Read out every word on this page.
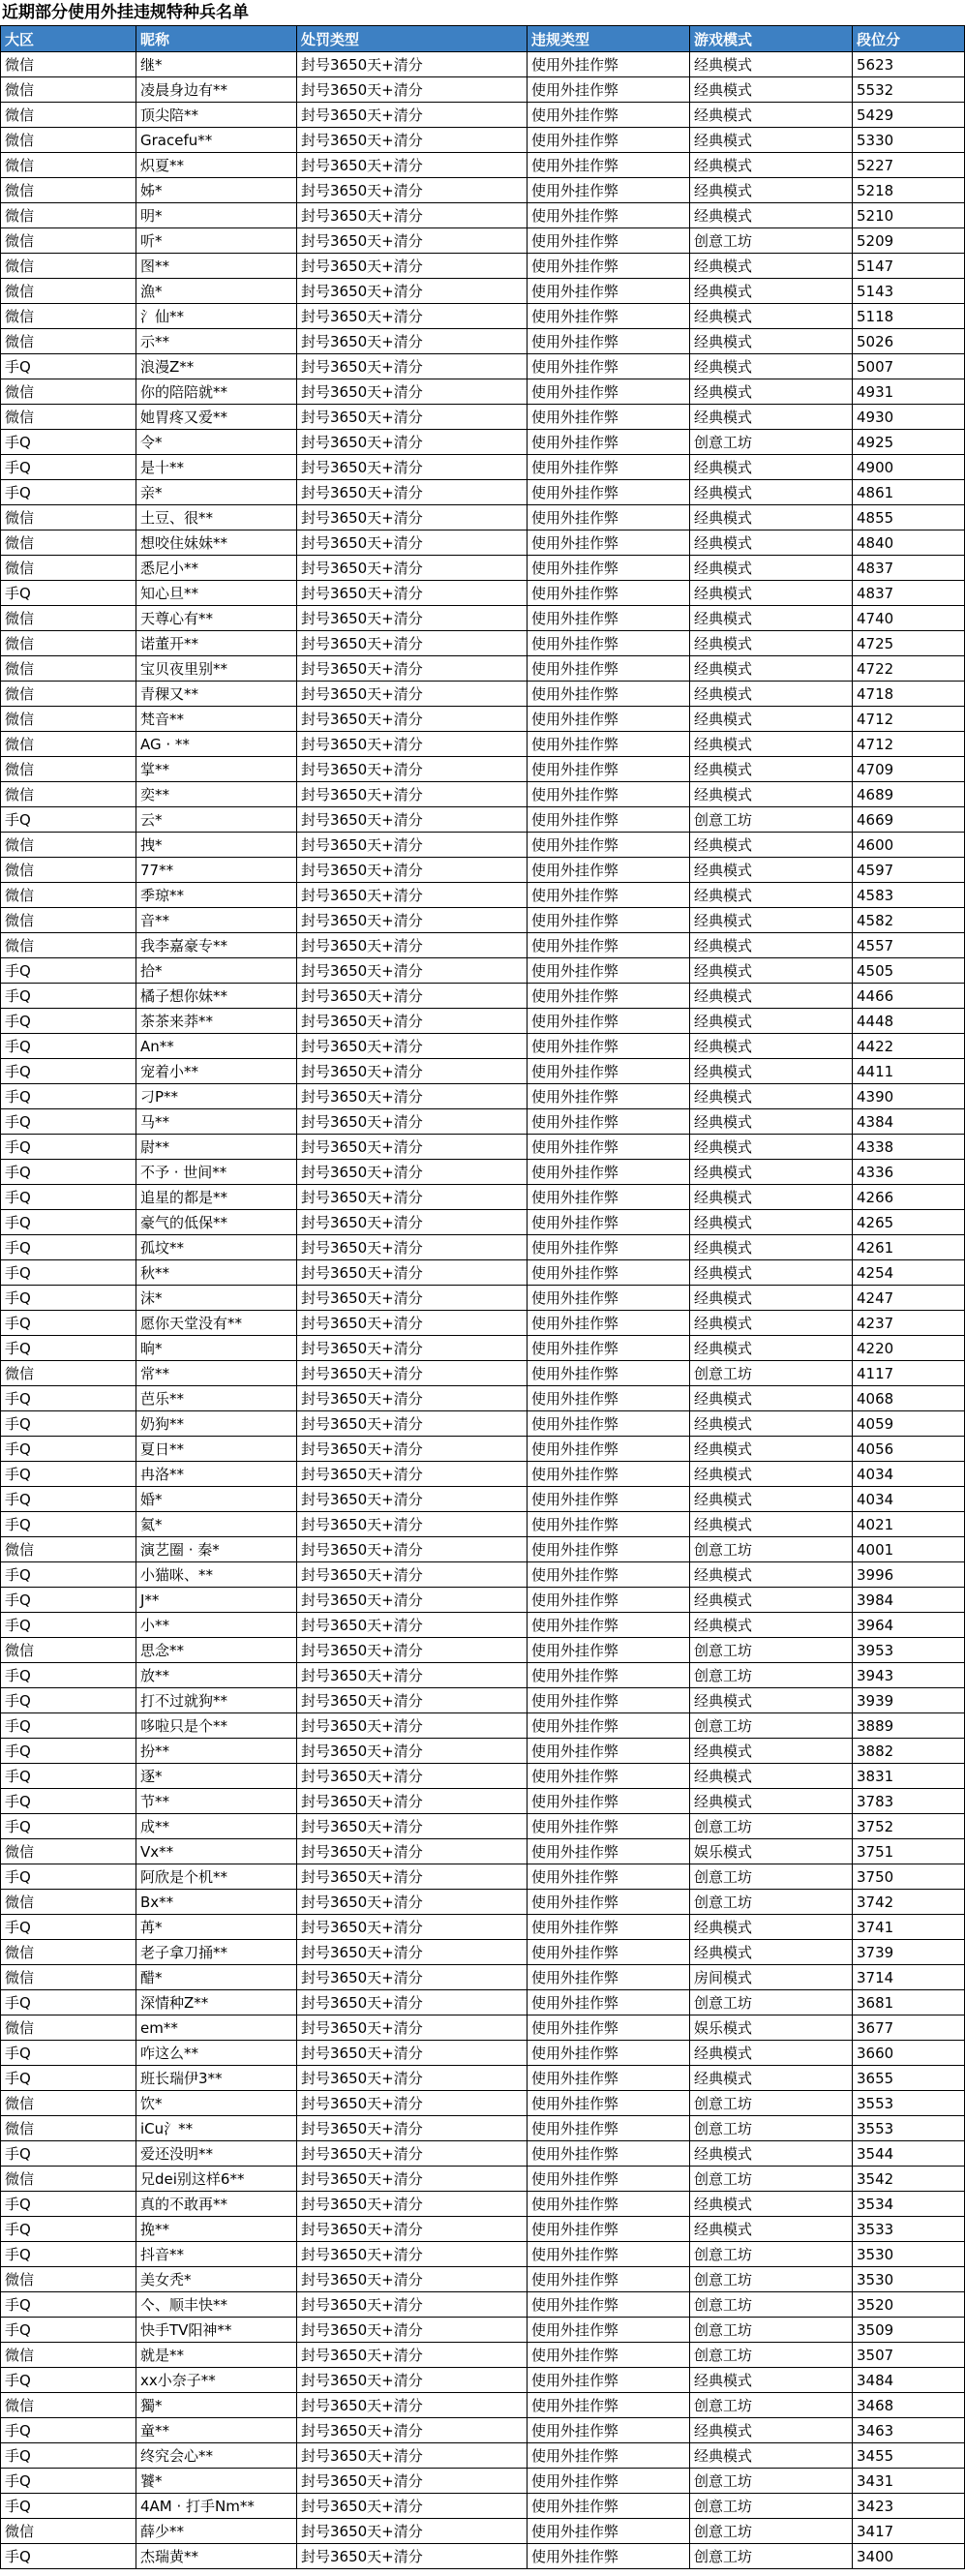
近期部分使用外挂违规特种兵名单
大区	昵称	处罚类型	违规类型	游戏模式	段位分
微信	继*	封号3650天+清分	使用外挂作弊	经典模式	5623
微信	凌晨身边有**	封号3650天+清分	使用外挂作弊	经典模式	5532
微信	顶尖陪**	封号3650天+清分	使用外挂作弊	经典模式	5429
微信	Gracefu**	封号3650天+清分	使用外挂作弊	经典模式	5330
微信	炽夏**	封号3650天+清分	使用外挂作弊	经典模式	5227
微信	姊*	封号3650天+清分	使用外挂作弊	经典模式	5218
微信	明*	封号3650天+清分	使用外挂作弊	经典模式	5210
微信	听*	封号3650天+清分	使用外挂作弊	创意工坊	5209
微信	图**	封号3650天+清分	使用外挂作弊	经典模式	5147
微信	漁*	封号3650天+清分	使用外挂作弊	经典模式	5143
微信	氵仙**	封号3650天+清分	使用外挂作弊	经典模式	5118
微信	示**	封号3650天+清分	使用外挂作弊	经典模式	5026
手Q	浪漫Z**	封号3650天+清分	使用外挂作弊	经典模式	5007
微信	你的陪陪就**	封号3650天+清分	使用外挂作弊	经典模式	4931
微信	她胃疼又爱**	封号3650天+清分	使用外挂作弊	经典模式	4930
手Q	令*	封号3650天+清分	使用外挂作弊	创意工坊	4925
手Q	是十**	封号3650天+清分	使用外挂作弊	经典模式	4900
手Q	亲*	封号3650天+清分	使用外挂作弊	经典模式	4861
微信	土豆、很**	封号3650天+清分	使用外挂作弊	经典模式	4855
微信	想咬住妹妹**	封号3650天+清分	使用外挂作弊	经典模式	4840
微信	悉尼小**	封号3650天+清分	使用外挂作弊	经典模式	4837
手Q	知心旦**	封号3650天+清分	使用外挂作弊	经典模式	4837
微信	天尊心有**	封号3650天+清分	使用外挂作弊	经典模式	4740
微信	诺董开**	封号3650天+清分	使用外挂作弊	经典模式	4725
微信	宝贝夜里别**	封号3650天+清分	使用外挂作弊	经典模式	4722
微信	青稞又**	封号3650天+清分	使用外挂作弊	经典模式	4718
微信	梵音**	封号3650天+清分	使用外挂作弊	经典模式	4712
微信	AG · **	封号3650天+清分	使用外挂作弊	经典模式	4712
微信	掌**	封号3650天+清分	使用外挂作弊	经典模式	4709
微信	奕**	封号3650天+清分	使用外挂作弊	经典模式	4689
手Q	云*	封号3650天+清分	使用外挂作弊	创意工坊	4669
微信	拽*	封号3650天+清分	使用外挂作弊	经典模式	4600
微信	77**	封号3650天+清分	使用外挂作弊	经典模式	4597
微信	季琼**	封号3650天+清分	使用外挂作弊	经典模式	4583
微信	音**	封号3650天+清分	使用外挂作弊	经典模式	4582
微信	我李嘉豪专**	封号3650天+清分	使用外挂作弊	经典模式	4557
手Q	拾*	封号3650天+清分	使用外挂作弊	经典模式	4505
手Q	橘子想你妹**	封号3650天+清分	使用外挂作弊	经典模式	4466
手Q	茶茶来莽**	封号3650天+清分	使用外挂作弊	经典模式	4448
手Q	An**	封号3650天+清分	使用外挂作弊	经典模式	4422
手Q	宠着小**	封号3650天+清分	使用外挂作弊	经典模式	4411
手Q	刁P**	封号3650天+清分	使用外挂作弊	经典模式	4390
手Q	马**	封号3650天+清分	使用外挂作弊	经典模式	4384
手Q	尉**	封号3650天+清分	使用外挂作弊	经典模式	4338
手Q	不予 · 世间**	封号3650天+清分	使用外挂作弊	经典模式	4336
手Q	追星的都是**	封号3650天+清分	使用外挂作弊	经典模式	4266
手Q	豪气的低保**	封号3650天+清分	使用外挂作弊	经典模式	4265
手Q	孤坟**	封号3650天+清分	使用外挂作弊	经典模式	4261
手Q	秋**	封号3650天+清分	使用外挂作弊	经典模式	4254
手Q	沫*	封号3650天+清分	使用外挂作弊	经典模式	4247
手Q	愿你天堂没有**	封号3650天+清分	使用外挂作弊	经典模式	4237
手Q	晌*	封号3650天+清分	使用外挂作弊	经典模式	4220
微信	常**	封号3650天+清分	使用外挂作弊	创意工坊	4117
手Q	芭乐**	封号3650天+清分	使用外挂作弊	经典模式	4068
手Q	奶狗**	封号3650天+清分	使用外挂作弊	经典模式	4059
手Q	夏日**	封号3650天+清分	使用外挂作弊	经典模式	4056
手Q	冉洛**	封号3650天+清分	使用外挂作弊	经典模式	4034
手Q	婚*	封号3650天+清分	使用外挂作弊	经典模式	4034
手Q	氦*	封号3650天+清分	使用外挂作弊	经典模式	4021
微信	演艺圈 · 秦*	封号3650天+清分	使用外挂作弊	创意工坊	4001
手Q	小猫咪、**	封号3650天+清分	使用外挂作弊	经典模式	3996
手Q	J**	封号3650天+清分	使用外挂作弊	经典模式	3984
手Q	小**	封号3650天+清分	使用外挂作弊	经典模式	3964
微信	思念**	封号3650天+清分	使用外挂作弊	创意工坊	3953
手Q	放**	封号3650天+清分	使用外挂作弊	创意工坊	3943
手Q	打不过就狗**	封号3650天+清分	使用外挂作弊	经典模式	3939
手Q	哆啦只是个**	封号3650天+清分	使用外挂作弊	创意工坊	3889
手Q	扮**	封号3650天+清分	使用外挂作弊	经典模式	3882
手Q	逐*	封号3650天+清分	使用外挂作弊	经典模式	3831
手Q	节**	封号3650天+清分	使用外挂作弊	经典模式	3783
手Q	成**	封号3650天+清分	使用外挂作弊	创意工坊	3752
微信	Vx**	封号3650天+清分	使用外挂作弊	娱乐模式	3751
手Q	阿欣是个机**	封号3650天+清分	使用外挂作弊	创意工坊	3750
微信	Bx**	封号3650天+清分	使用外挂作弊	创意工坊	3742
手Q	苒*	封号3650天+清分	使用外挂作弊	经典模式	3741
微信	老子拿刀捅**	封号3650天+清分	使用外挂作弊	经典模式	3739
微信	醋*	封号3650天+清分	使用外挂作弊	房间模式	3714
手Q	深情种Z**	封号3650天+清分	使用外挂作弊	创意工坊	3681
微信	em**	封号3650天+清分	使用外挂作弊	娱乐模式	3677
手Q	咋这么**	封号3650天+清分	使用外挂作弊	经典模式	3660
手Q	班长瑞伊3**	封号3650天+清分	使用外挂作弊	经典模式	3655
微信	饮*	封号3650天+清分	使用外挂作弊	创意工坊	3553
微信	iCu氵**	封号3650天+清分	使用外挂作弊	创意工坊	3553
手Q	爱还没明**	封号3650天+清分	使用外挂作弊	经典模式	3544
微信	兄dei别这样6**	封号3650天+清分	使用外挂作弊	创意工坊	3542
手Q	真的不敢再**	封号3650天+清分	使用外挂作弊	经典模式	3534
手Q	挽**	封号3650天+清分	使用外挂作弊	经典模式	3533
手Q	抖音**	封号3650天+清分	使用外挂作弊	创意工坊	3530
微信	美女秃*	封号3650天+清分	使用外挂作弊	创意工坊	3530
手Q	亽、顺丰快**	封号3650天+清分	使用外挂作弊	创意工坊	3520
手Q	快手TV阳神**	封号3650天+清分	使用外挂作弊	创意工坊	3509
微信	就是**	封号3650天+清分	使用外挂作弊	创意工坊	3507
手Q	xx小奈子**	封号3650天+清分	使用外挂作弊	经典模式	3484
微信	獨*	封号3650天+清分	使用外挂作弊	创意工坊	3468
手Q	童**	封号3650天+清分	使用外挂作弊	经典模式	3463
手Q	终究会心**	封号3650天+清分	使用外挂作弊	经典模式	3455
手Q	饕*	封号3650天+清分	使用外挂作弊	创意工坊	3431
手Q	4AM · 打手Nm**	封号3650天+清分	使用外挂作弊	创意工坊	3423
微信	薛少**	封号3650天+清分	使用外挂作弊	创意工坊	3417
手Q	杰瑞黄**	封号3650天+清分	使用外挂作弊	创意工坊	3400
